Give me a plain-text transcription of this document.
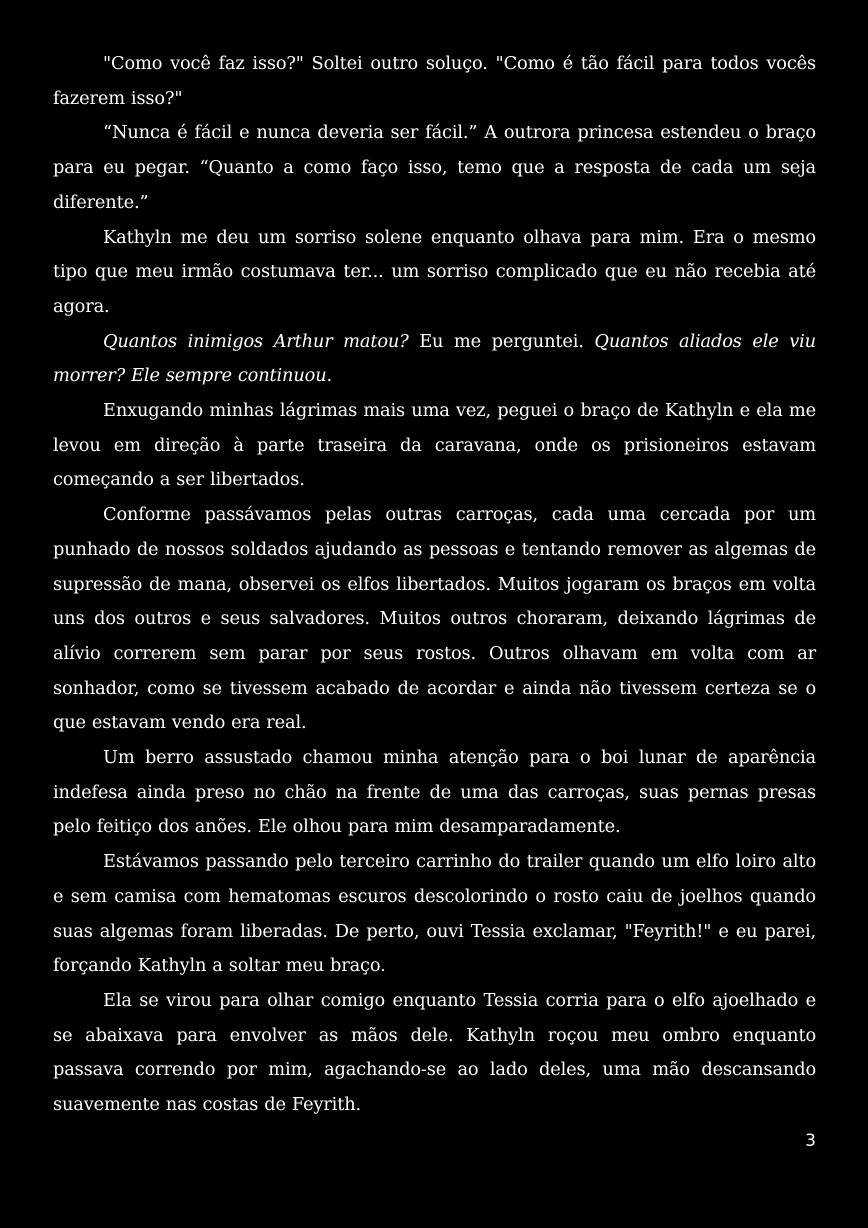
"Como você faz isso?" Soltei outro soluço. "Como é tão fácil para todos vocês fazerem isso?"

“Nunca é fácil e nunca deveria ser fácil.” A outrora princesa estendeu o braço para eu pegar. “Quanto a como faço isso, temo que a resposta de cada um seja diferente.”

Kathyln me deu um sorriso solene enquanto olhava para mim. Era o mesmo tipo que meu irmão costumava ter... um sorriso complicado que eu não recebia até agora.

Quantos inimigos Arthur matou? Eu me perguntei. Quantos aliados ele viu morrer? Ele sempre continuou.

Enxugando minhas lágrimas mais uma vez, peguei o braço de Kathyln e ela me levou em direção à parte traseira da caravana, onde os prisioneiros estavam começando a ser libertados.

Conforme passávamos pelas outras carroças, cada uma cercada por um punhado de nossos soldados ajudando as pessoas e tentando remover as algemas de supressão de mana, observei os elfos libertados. Muitos jogaram os braços em volta uns dos outros e seus salvadores. Muitos outros choraram, deixando lágrimas de alívio correrem sem parar por seus rostos. Outros olhavam em volta com ar sonhador, como se tivessem acabado de acordar e ainda não tivessem certeza se o que estavam vendo era real.

Um berro assustado chamou minha atenção para o boi lunar de aparência indefesa ainda preso no chão na frente de uma das carroças, suas pernas presas pelo feitiço dos anões. Ele olhou para mim desamparadamente.

Estávamos passando pelo terceiro carrinho do trailer quando um elfo loiro alto e sem camisa com hematomas escuros descolorindo o rosto caiu de joelhos quando suas algemas foram liberadas. De perto, ouvi Tessia exclamar, "Feyrith!" e eu parei, forçando Kathyln a soltar meu braço.

Ela se virou para olhar comigo enquanto Tessia corria para o elfo ajoelhado e se abaixava para envolver as mãos dele. Kathyln roçou meu ombro enquanto passava correndo por mim, agachando-se ao lado deles, uma mão descansando suavemente nas costas de Feyrith.

3
